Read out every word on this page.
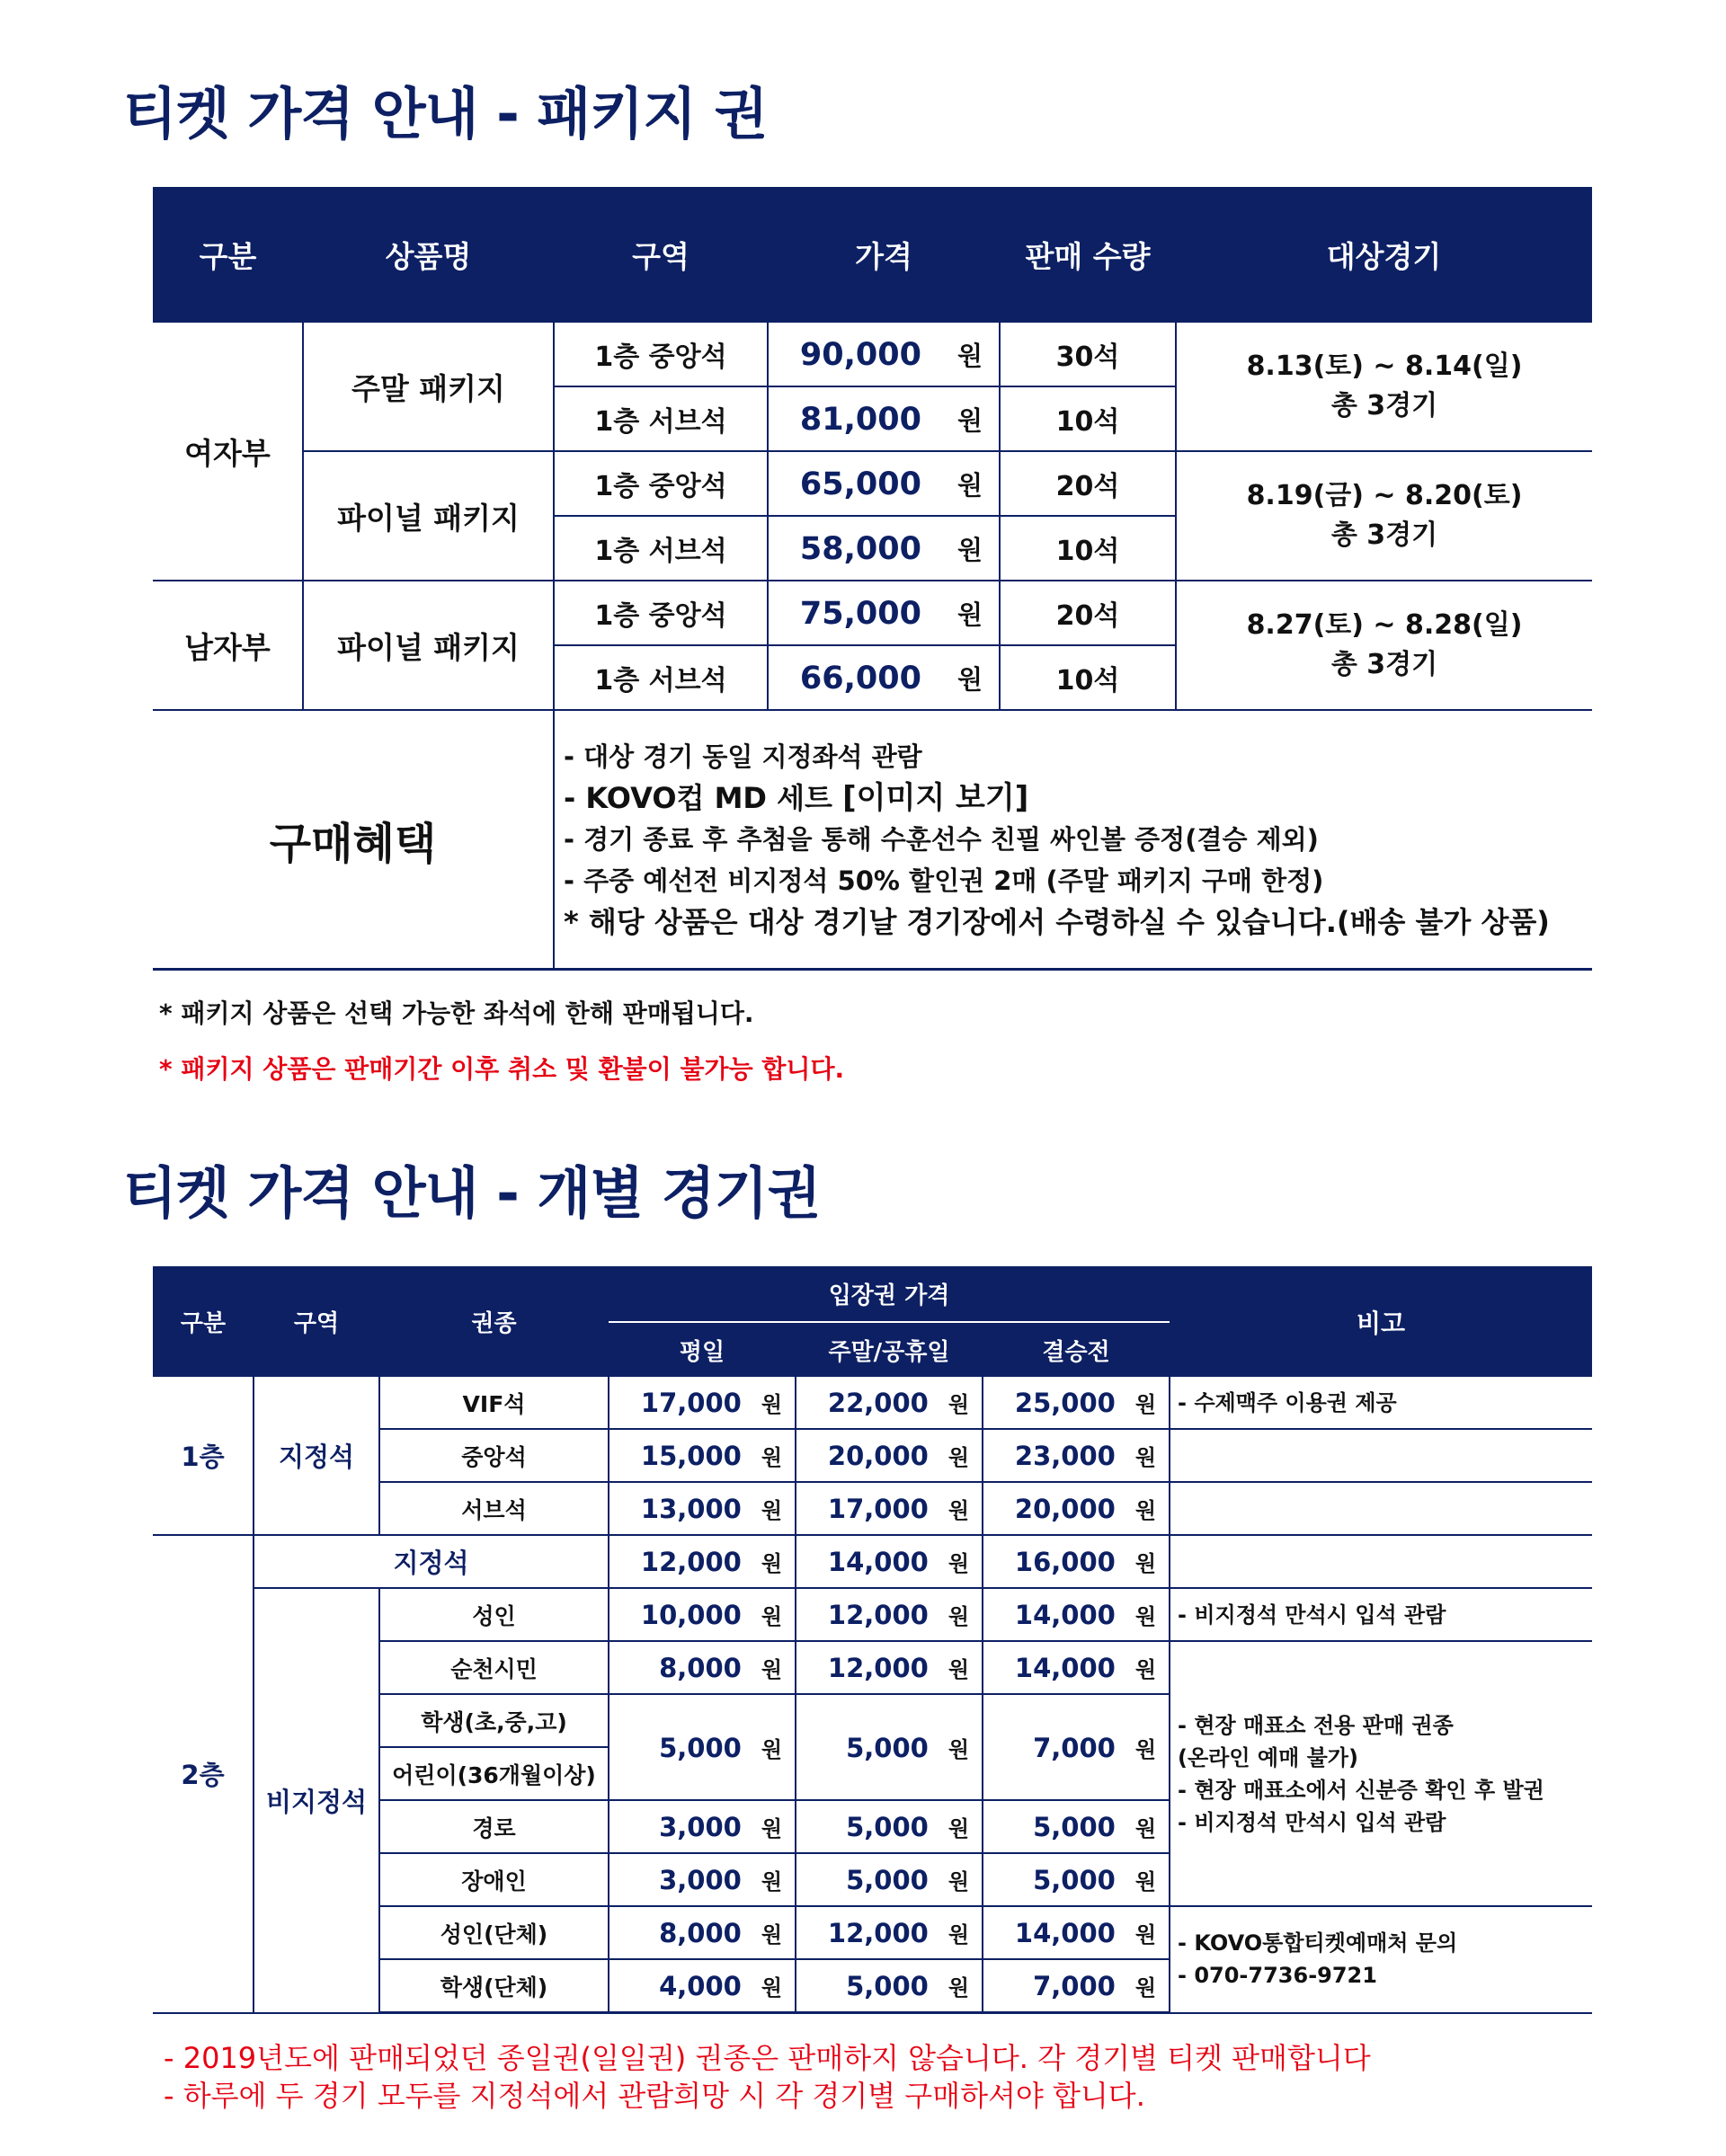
티켓 가격 안내 - 패키지 권
구분	상품명	구역	가격	판매 수량	대상경기
여자부	주말 패키지	1층 중앙석	90,000 원	30석	8.13(토) ~ 8.14(일)
총 3경기
		1층 서브석	81,000 원	10석	
	파이널 패키지	1층 중앙석	65,000 원	20석	8.19(금) ~ 8.20(토)
총 3경기
		1층 서브석	58,000 원	10석	
남자부	파이널 패키지	1층 중앙석	75,000 원	20석	8.27(토) ~ 8.28(일)
총 3경기
		1층 서브석	66,000 원	10석	
구매혜택		- 대상 경기 동일 지정좌석 관람
- KOVO컵 MD 세트 [이미지 보기]
- 경기 종료 후 추첨을 통해 수훈선수 친필 싸인볼 증정(결승 제외)
- 주중 예선전 비지정석 50% 할인권 2매 (주말 패키지 구매 한정)
* 해당 상품은 대상 경기날 경기장에서 수령하실 수 있습니다.(배송 불가 상품)			

* 패키지 상품은 선택 가능한 좌석에 한해 판매됩니다.

* 패키지 상품은 판매기간 이후 취소 및 환불이 불가능 합니다.

티켓 가격 안내 - 개별 경기권
구분	구역	권종	입장권 가격			비고
			평일	주말/공휴일	결승전	
1층	지정석	VIF석	17,000 원	22,000 원	25,000 원	- 수제맥주 이용권 제공

		중앙석	15,000 원	20,000 원	23,000 원	
		서브석	13,000 원	17,000 원	20,000 원	
2층	지정석		12,000 원	14,000 원	16,000 원	
	비지정석	성인	10,000 원	12,000 원	14,000 원	- 비지정석 만석시 입석 관람

		순천시민	8,000 원	12,000 원	14,000 원	- 현장 매표소 전용 판매 권종
(온라인 예매 불가)
- 현장 매표소에서 신분증 확인 후 발권
- 비지정석 만석시 입석 관람

		학생(초,중,고)	5,000 원	5,000 원	7,000 원	
		어린이(36개월이상)				
		경로	3,000 원	5,000 원	5,000 원	
		장애인	3,000 원	5,000 원	5,000 원	
		성인(단체)	8,000 원	12,000 원	14,000 원	- KOVO통합티켓예매처 문의
- 070-7736-9721

		학생(단체)	4,000 원	5,000 원	7,000 원	

- 2019년도에 판매되었던 종일권(일일권) 권종은 판매하지 않습니다. 각 경기별 티켓 판매합니다

- 하루에 두 경기 모두를 지정석에서 관람희망 시 각 경기별 구매하셔야 합니다.
